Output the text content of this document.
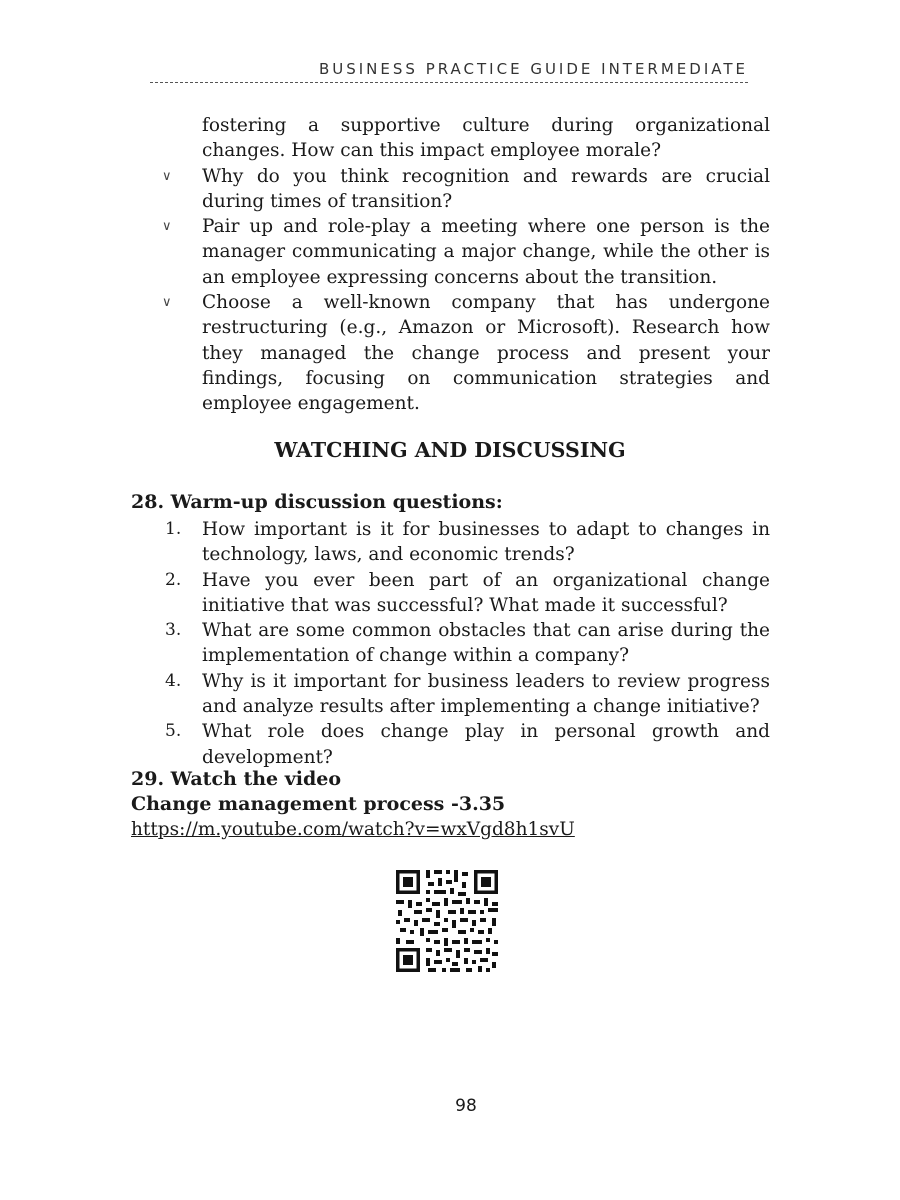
BUSINESS PRACTICE GUIDE INTERMEDIATE

fostering a supportive culture during organizational changes. How can this impact employee morale?

∨	Why do you think recognition and rewards are crucial during times of transition?

∨	Pair up and role-play a meeting where one person is the manager communicating a major change, while the other is an employee expressing concerns about the transition.

∨	Choose a well-known company that has undergone restructuring (e.g., Amazon or Microsoft). Research how they managed the change process and present your findings, focusing on communication strategies and employee engagement.

WATCHING AND DISCUSSING
28. Warm-up discussion questions:

1. How important is it for businesses to adapt to changes in technology, laws, and economic trends?

2. Have you ever been part of an organizational change initiative that was successful? What made it successful?

3. What are some common obstacles that can arise during the implementation of change within a company?

4. Why is it important for business leaders to review progress and analyze results after implementing a change initiative?

5. What role does change play in personal growth and development?

29. Watch the video
Change management process -3.35
https://m.youtube.com/watch?v=wxVgd8h1svU
98
